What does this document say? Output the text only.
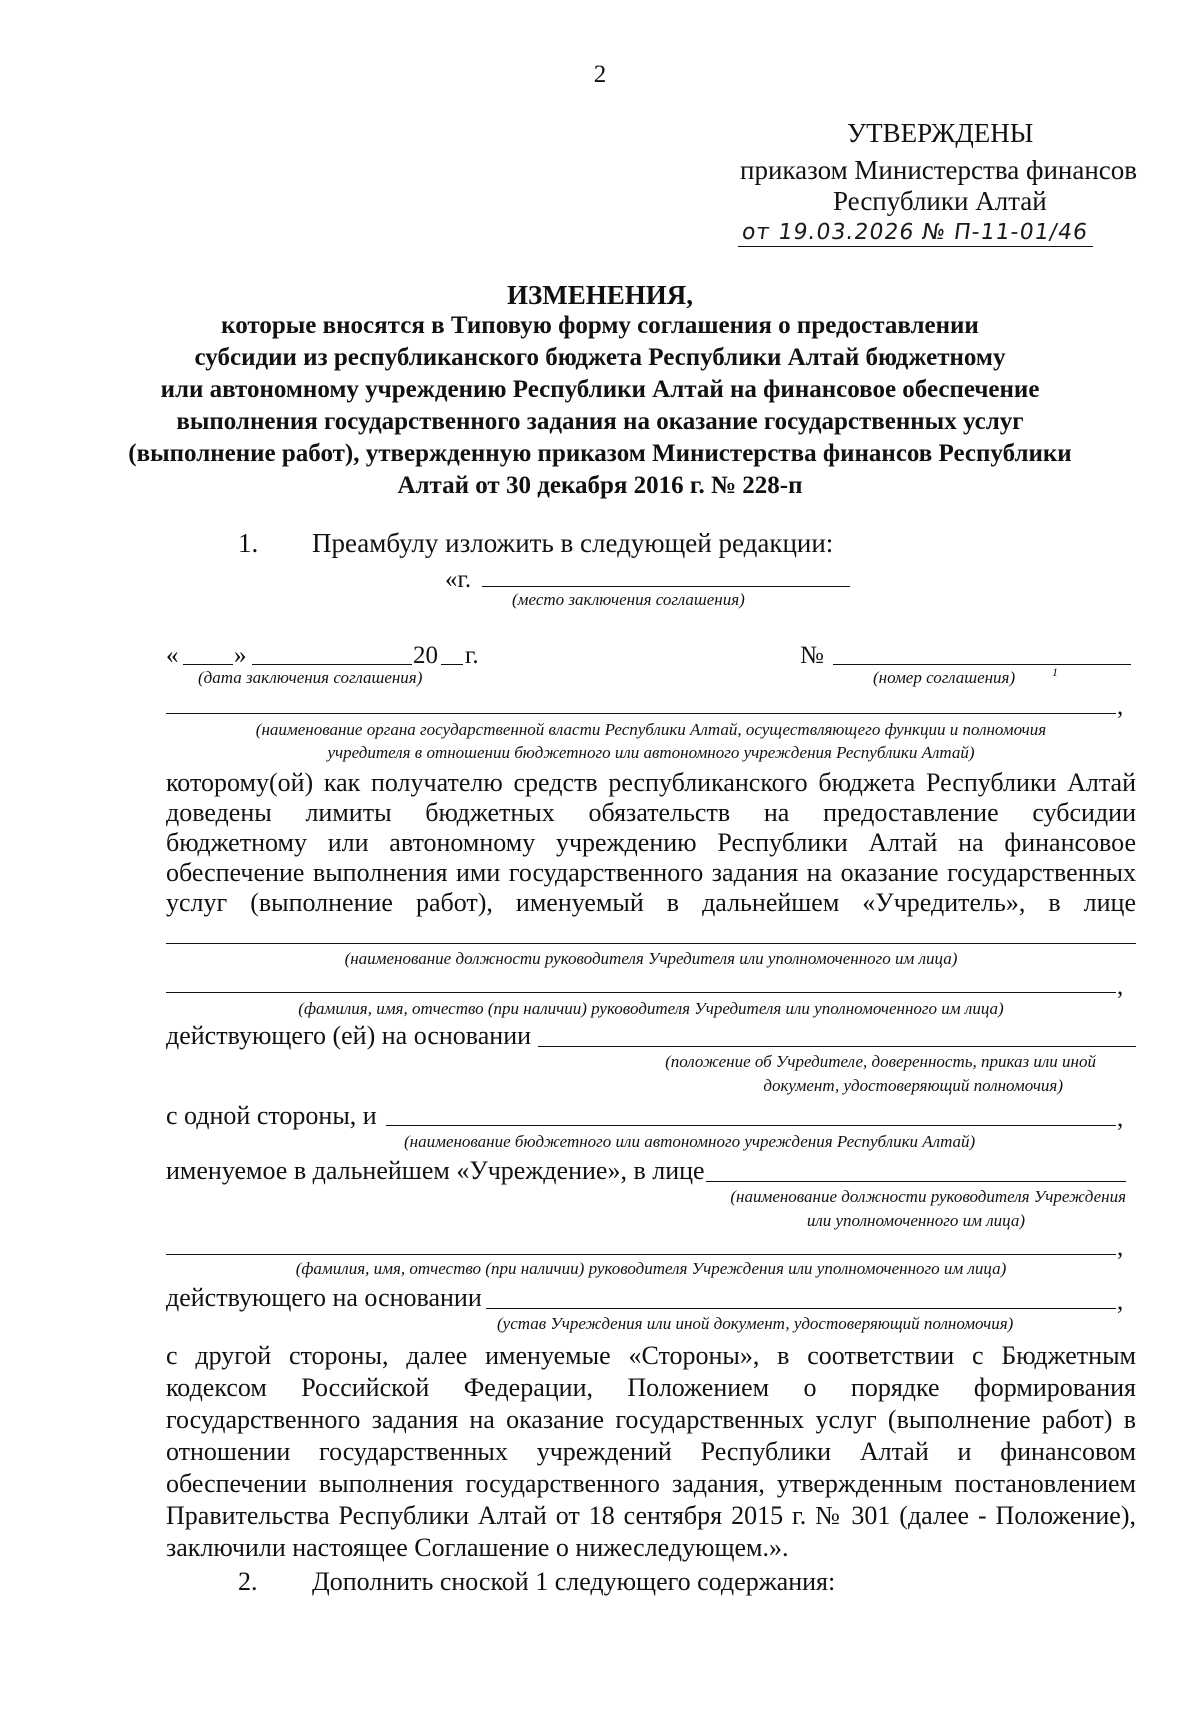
2
УТВЕРЖДЕНЫ
приказом Министерства финансов
Республики Алтай
от 19.03.2026 № П-11-01/46
ИЗМЕНЕНИЯ,
которые вносятся в Типовую форму соглашения о предоставлении
субсидии из республиканского бюджета Республики Алтай бюджетному
или автономному учреждению Республики Алтай на финансовое обеспечение
выполнения государственного задания на оказание государственных услуг
(выполнение работ), утвержденную приказом Министерства финансов Республики
Алтай от 30 декабря 2016 г. № 228-п
1. Преамбулу изложить в следующей редакции:
«г.
(место заключения соглашения)
« »	20 г.
(дата заключения соглашения)
№
(номер соглашения)	1
,
(наименование органа государственной власти Республики Алтай, осуществляющего функции и полномочия
учредителя в отношении бюджетного или автономного учреждения Республики Алтай)
которому(ой) как получателю средств республиканского бюджета Республики Алтай
доведены лимиты бюджетных обязательств на предоставление субсидии
бюджетному или автономному учреждению Республики Алтай на финансовое
обеспечение выполнения ими государственного задания на оказание государственных
услуг (выполнение работ), именуемый в дальнейшем «Учредитель», в лице
(наименование должности руководителя Учредителя или уполномоченного им лица)
,
(фамилия, имя, отчество (при наличии) руководителя Учредителя или уполномоченного им лица)
действующего (ей) на основании
(положение об Учредителе, доверенность, приказ или иной
документ, удостоверяющий полномочия)
с одной стороны, и	,
(наименование бюджетного или автономного учреждения Республики Алтай)
именуемое в дальнейшем «Учреждение», в лице
(наименование должности руководителя Учреждения
или уполномоченного им лица)
,
(фамилия, имя, отчество (при наличии) руководителя Учреждения или уполномоченного им лица)
действующего на основании	,
(устав Учреждения или иной документ, удостоверяющий полномочия)
с другой стороны, далее именуемые «Стороны», в соответствии с Бюджетным
кодексом Российской Федерации, Положением о порядке формирования
государственного задания на оказание государственных услуг (выполнение работ) в
отношении государственных учреждений Республики Алтай и финансовом
обеспечении выполнения государственного задания, утвержденным постановлением
Правительства Республики Алтай от 18 сентября 2015 г. № 301 (далее - Положение),
заключили настоящее Соглашение о нижеследующем.».
2. Дополнить сноской 1 следующего содержания:
